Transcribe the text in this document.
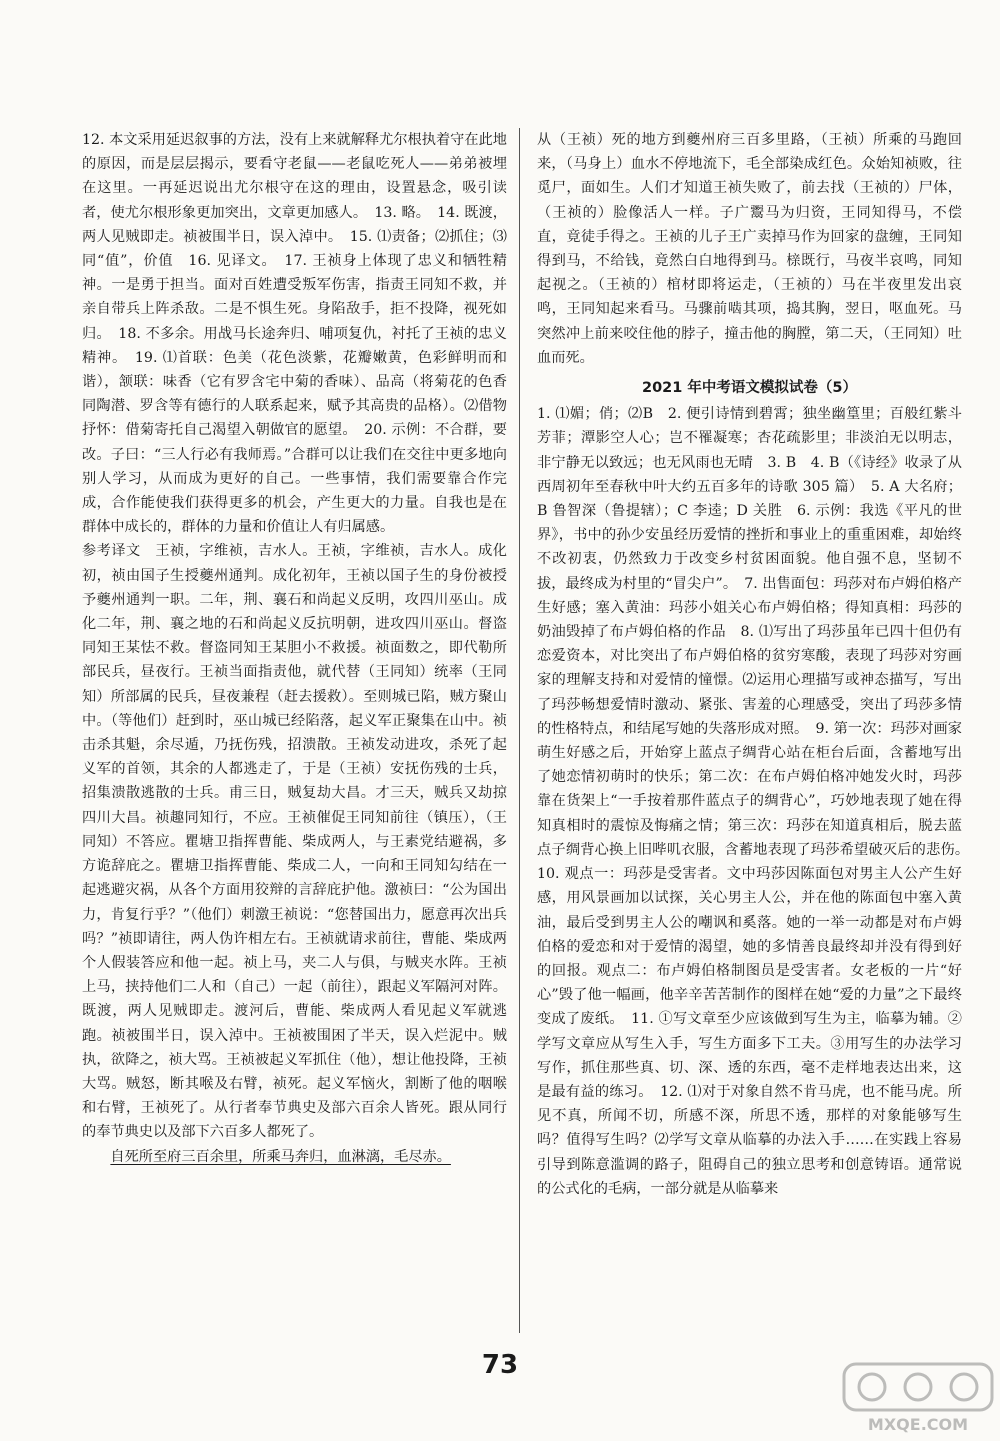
12. 本文采用延迟叙事的方法，没有上来就解释尤尔根执着守在此地的原因，而是层层揭示，要看守老鼠——老鼠吃死人——弟弟被埋在这里。一再延迟说出尤尔根守在这的理由，设置悬念，吸引读者，使尤尔根形象更加突出，文章更加感人。　13. 略。　14. 既渡，两人见贼即走。祯被围半日，误入淖中。　15. ⑴责备；⑵抓住；⑶同“值”，价值　16. 见译文。　17. 王祯身上体现了忠义和牺牲精神。一是勇于担当。面对百姓遭受叛军伤害，指责王同知不救，并亲自带兵上阵杀敌。二是不惧生死。身陷敌手，拒不投降，视死如归。　18. 不多余。用战马长途奔归、哺项复仇，衬托了王祯的忠义精神。　19. ⑴首联：色美（花色淡紫，花瓣嫩黄，色彩鲜明而和谐），颔联：味香（它有罗含宅中菊的香味）、品高（将菊花的色香同陶潜、罗含等有德行的人联系起来，赋予其高贵的品格）。⑵借物抒怀：借菊寄托自己渴望入朝做官的愿望。　20. 示例：不合群，要改。子曰：“三人行必有我师焉。”合群可以让我们在交往中更多地向别人学习，从而成为更好的自己。一些事情，我们需要靠合作完成，合作能使我们获得更多的机会，产生更大的力量。自我也是在群体中成长的，群体的力量和价值让人有归属感。

参考译文　王祯，字维祯，吉水人。王祯，字维祯，吉水人。成化初，祯由国子生授夔州通判。成化初年，王祯以国子生的身份被授予夔州通判一职。二年，荆、襄石和尚起义反明，攻四川巫山。成化二年，荆、襄之地的石和尚起义反抗明朝，进攻四川巫山。督盗同知王某怯不救。督盗同知王某胆小不救援。祯面数之，即代勒所部民兵，昼夜行。王祯当面指责他，就代替（王同知）统率（王同知）所部属的民兵，昼夜兼程（赶去援救）。至则城已陷，贼方聚山中。（等他们）赶到时，巫山城已经陷落，起义军正聚集在山中。祯击杀其魁，余尽遁，乃抚伤残，招溃散。王祯发动进攻，杀死了起义军的首领，其余的人都逃走了，于是（王祯）安抚伤残的士兵，招集溃散逃散的士兵。甫三日，贼复劫大昌。才三天，贼兵又劫掠四川大昌。祯趣同知行，不应。王祯催促王同知前往（镇压），（王同知）不答应。瞿塘卫指挥曹能、柴成两人，与王素党结避祸，多方诡辞庇之。瞿塘卫指挥曹能、柴成二人，一向和王同知勾结在一起逃避灾祸，从各个方面用狡辩的言辞庇护他。激祯曰：“公为国出力，肯复行乎？”（他们）刺激王祯说：“您替国出力，愿意再次出兵吗？”祯即请往，两人伪许相左右。王祯就请求前往，曹能、柴成两个人假装答应和他一起。祯上马，夹二人与俱，与贼夹水阵。王祯上马，挟持他们二人和（自己）一起（前往），跟起义军隔河对阵。既渡，两人见贼即走。渡河后，曹能、柴成两人看见起义军就逃跑。祯被围半日，误入淖中。王祯被围困了半天，误入烂泥中。贼执，欲降之，祯大骂。王祯被起义军抓住（他），想让他投降，王祯大骂。贼怒，断其喉及右臂，祯死。起义军恼火，割断了他的咽喉和右臂，王祯死了。从行者奉节典史及部六百余人皆死。跟从同行的奉节典史以及部下六百多人都死了。

自死所至府三百余里，所乘马奔归，血淋漓，毛尽赤。

从（王祯）死的地方到夔州府三百多里路，（王祯）所乘的马跑回来，（马身上）血水不停地流下，毛全部染成红色。众始知祯败，往觅尸，面如生。人们才知道王祯失败了，前去找（王祯的）尸体，（王祯的）脸像活人一样。子广鬻马为归资，王同知得马，不偿直，竟徒手得之。王祯的儿子王广卖掉马作为回家的盘缠，王同知得到马，不给钱，竟然白白地得到马。榇既行，马夜半哀鸣，同知起视之。（王祯的）棺材即将运走，（王祯的）马在半夜里发出哀鸣，王同知起来看马。马骤前啮其项，捣其胸，翌日，呕血死。马突然冲上前来咬住他的脖子，撞击他的胸膛，第二天，（王同知）吐血而死。

2021 年中考语文模拟试卷（5）

1. ⑴媚；俏；⑵B　2. 便引诗情到碧霄；独坐幽篁里；百般红紫斗芳菲；潭影空人心；岂不罹凝寒；杏花疏影里；非淡泊无以明志，非宁静无以致远；也无风雨也无晴　3. B　4. B（《诗经》收录了从西周初年至春秋中叶大约五百多年的诗歌 305 篇）　5. A 大名府；B 鲁智深（鲁提辖）；C 李逵；D 关胜　6. 示例：我选《平凡的世界》，书中的孙少安虽经历爱情的挫折和事业上的重重困难，却始终不改初衷，仍然致力于改变乡村贫困面貌。他自强不息，坚韧不拔，最终成为村里的“冒尖户”。　7. 出售面包：玛莎对布卢姆伯格产生好感；塞入黄油：玛莎小姐关心布卢姆伯格；得知真相：玛莎的奶油毁掉了布卢姆伯格的作品　8. ⑴写出了玛莎虽年已四十但仍有恋爱资本，对比突出了布卢姆伯格的贫穷寒酸，表现了玛莎对穷画家的理解支持和对爱情的憧憬。⑵运用心理描写或神态描写，写出了玛莎畅想爱情时激动、紧张、害羞的心理感受，突出了玛莎多情的性格特点，和结尾写她的失落形成对照。　9. 第一次：玛莎对画家萌生好感之后，开始穿上蓝点子绸背心站在柜台后面，含蓄地写出了她恋情初萌时的快乐；第二次：在布卢姆伯格冲她发火时，玛莎靠在货架上“一手按着那件蓝点子的绸背心”，巧妙地表现了她在得知真相时的震惊及悔痛之情；第三次：玛莎在知道真相后，脱去蓝点子绸背心换上旧哔叽衣服，含蓄地表现了玛莎希望破灭后的悲伤。　10. 观点一：玛莎是受害者。文中玛莎因陈面包对男主人公产生好感，用风景画加以试探，关心男主人公，并在他的陈面包中塞入黄油，最后受到男主人公的嘲讽和奚落。她的一举一动都是对布卢姆伯格的爱恋和对于爱情的渴望，她的多情善良最终却并没有得到好的回报。观点二：布卢姆伯格制图员是受害者。女老板的一片“好心”毁了他一幅画，他辛辛苦苦制作的图样在她“爱的力量”之下最终变成了废纸。　11. ①写文章至少应该做到写生为主，临摹为辅。②学写文章应从写生入手，写生方面多下工夫。③用写生的办法学习写作，抓住那些真、切、深、透的东西，毫不走样地表达出来，这是最有益的练习。　12. ⑴对于对象自然不肯马虎，也不能马虎。所见不真，所闻不切，所感不深，所思不透，那样的对象能够写生吗？值得写生吗？⑵学写文章从临摹的办法入手……在实践上容易引导到陈意滥调的路子，阻碍自己的独立思考和创意铸语。通常说的公式化的毛病，一部分就是从临摹来

73
MXQE.COM
